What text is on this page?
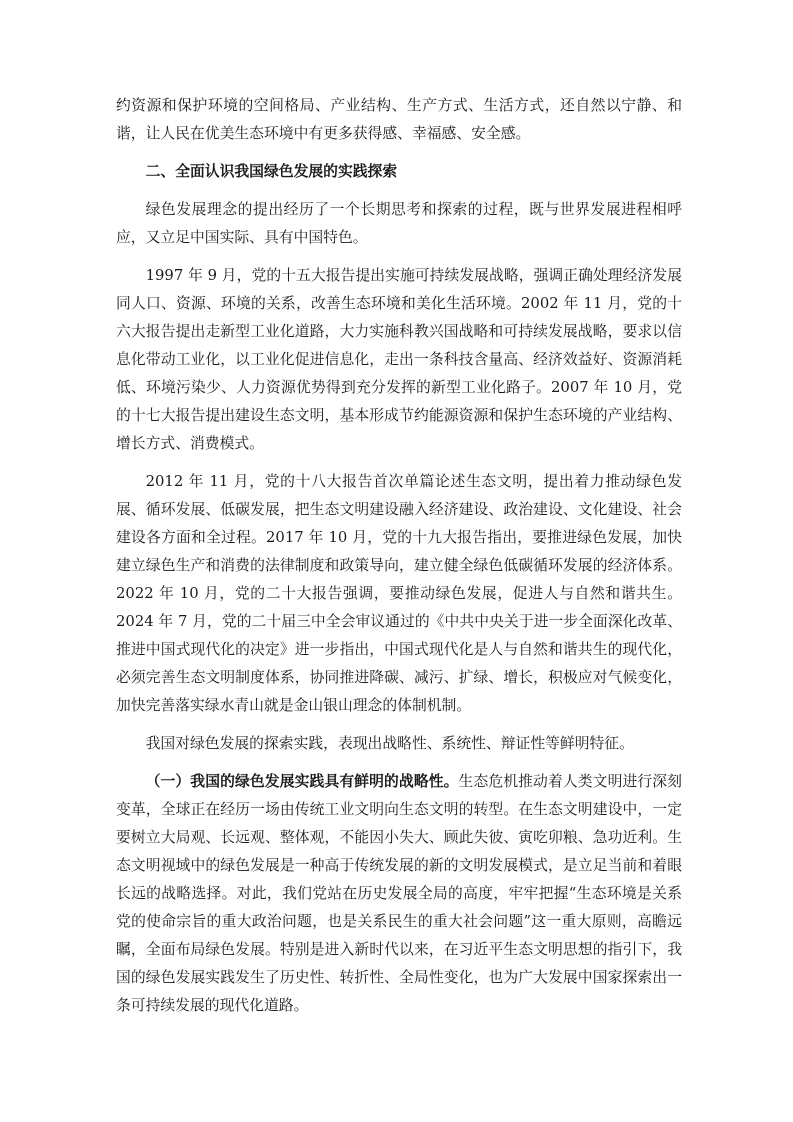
约资源和保护环境的空间格局、产业结构、生产方式、生活方式，还自然以宁静、和谐，让人民在优美生态环境中有更多获得感、幸福感、安全感。

二、全面认识我国绿色发展的实践探索

绿色发展理念的提出经历了一个长期思考和探索的过程，既与世界发展进程相呼应，又立足中国实际、具有中国特色。

1997 年 9 月，党的十五大报告提出实施可持续发展战略，强调正确处理经济发展同人口、资源、环境的关系，改善生态环境和美化生活环境。2002 年 11 月，党的十六大报告提出走新型工业化道路，大力实施科教兴国战略和可持续发展战略，要求以信息化带动工业化，以工业化促进信息化，走出一条科技含量高、经济效益好、资源消耗低、环境污染少、人力资源优势得到充分发挥的新型工业化路子。2007 年 10 月，党的十七大报告提出建设生态文明，基本形成节约能源资源和保护生态环境的产业结构、增长方式、消费模式。

2012 年 11 月，党的十八大报告首次单篇论述生态文明，提出着力推动绿色发展、循环发展、低碳发展，把生态文明建设融入经济建设、政治建设、文化建设、社会建设各方面和全过程。2017 年 10 月，党的十九大报告指出，要推进绿色发展，加快建立绿色生产和消费的法律制度和政策导向，建立健全绿色低碳循环发展的经济体系。2022 年 10 月，党的二十大报告强调，要推动绿色发展，促进人与自然和谐共生。2024 年 7 月，党的二十届三中全会审议通过的《中共中央关于进一步全面深化改革、推进中国式现代化的决定》进一步指出，中国式现代化是人与自然和谐共生的现代化，必须完善生态文明制度体系，协同推进降碳、减污、扩绿、增长，积极应对气候变化，加快完善落实绿水青山就是金山银山理念的体制机制。

我国对绿色发展的探索实践，表现出战略性、系统性、辩证性等鲜明特征。

（一）我国的绿色发展实践具有鲜明的战略性。生态危机推动着人类文明进行深刻变革，全球正在经历一场由传统工业文明向生态文明的转型。在生态文明建设中，一定要树立大局观、长远观、整体观，不能因小失大、顾此失彼、寅吃卯粮、急功近利。生态文明视域中的绿色发展是一种高于传统发展的新的文明发展模式，是立足当前和着眼长远的战略选择。对此，我们党站在历史发展全局的高度，牢牢把握“生态环境是关系党的使命宗旨的重大政治问题，也是关系民生的重大社会问题”这一重大原则，高瞻远瞩，全面布局绿色发展。特别是进入新时代以来，在习近平生态文明思想的指引下，我国的绿色发展实践发生了历史性、转折性、全局性变化，也为广大发展中国家探索出一条可持续发展的现代化道路。
